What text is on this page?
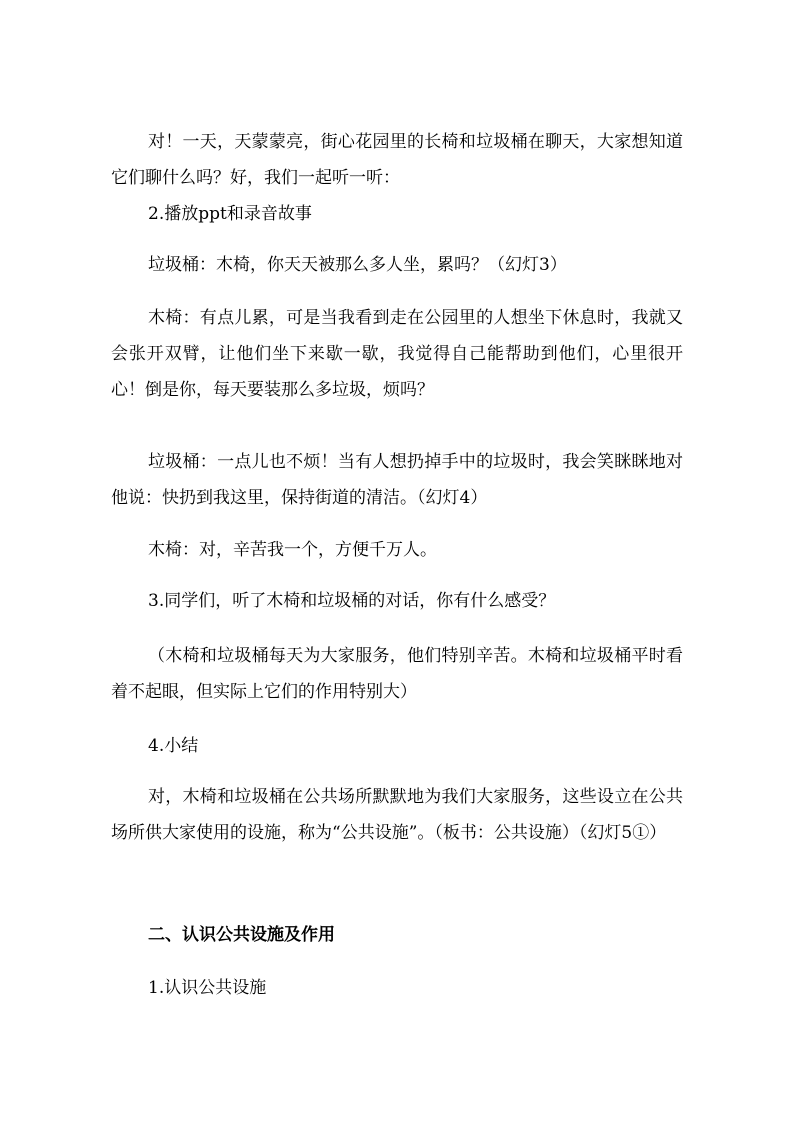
对！一天，天蒙蒙亮，街心花园里的长椅和垃圾桶在聊天，大家想知道它们聊什么吗？好，我们一起听一听：

2.播放ppt和录音故事

垃圾桶：木椅，你天天被那么多人坐，累吗？（幻灯3）

木椅：有点儿累，可是当我看到走在公园里的人想坐下休息时，我就又会张开双臂，让他们坐下来歇一歇，我觉得自己能帮助到他们，心里很开心！倒是你，每天要装那么多垃圾，烦吗？

垃圾桶：一点儿也不烦！当有人想扔掉手中的垃圾时，我会笑眯眯地对他说：快扔到我这里，保持街道的清洁。（幻灯4）

木椅：对，辛苦我一个，方便千万人。

3.同学们，听了木椅和垃圾桶的对话，你有什么感受？

（木椅和垃圾桶每天为大家服务，他们特别辛苦。木椅和垃圾桶平时看着不起眼，但实际上它们的作用特别大）

4.小结

对，木椅和垃圾桶在公共场所默默地为我们大家服务，这些设立在公共场所供大家使用的设施，称为“公共设施”。（板书：公共设施）（幻灯5①）

二、认识公共设施及作用

1.认识公共设施
